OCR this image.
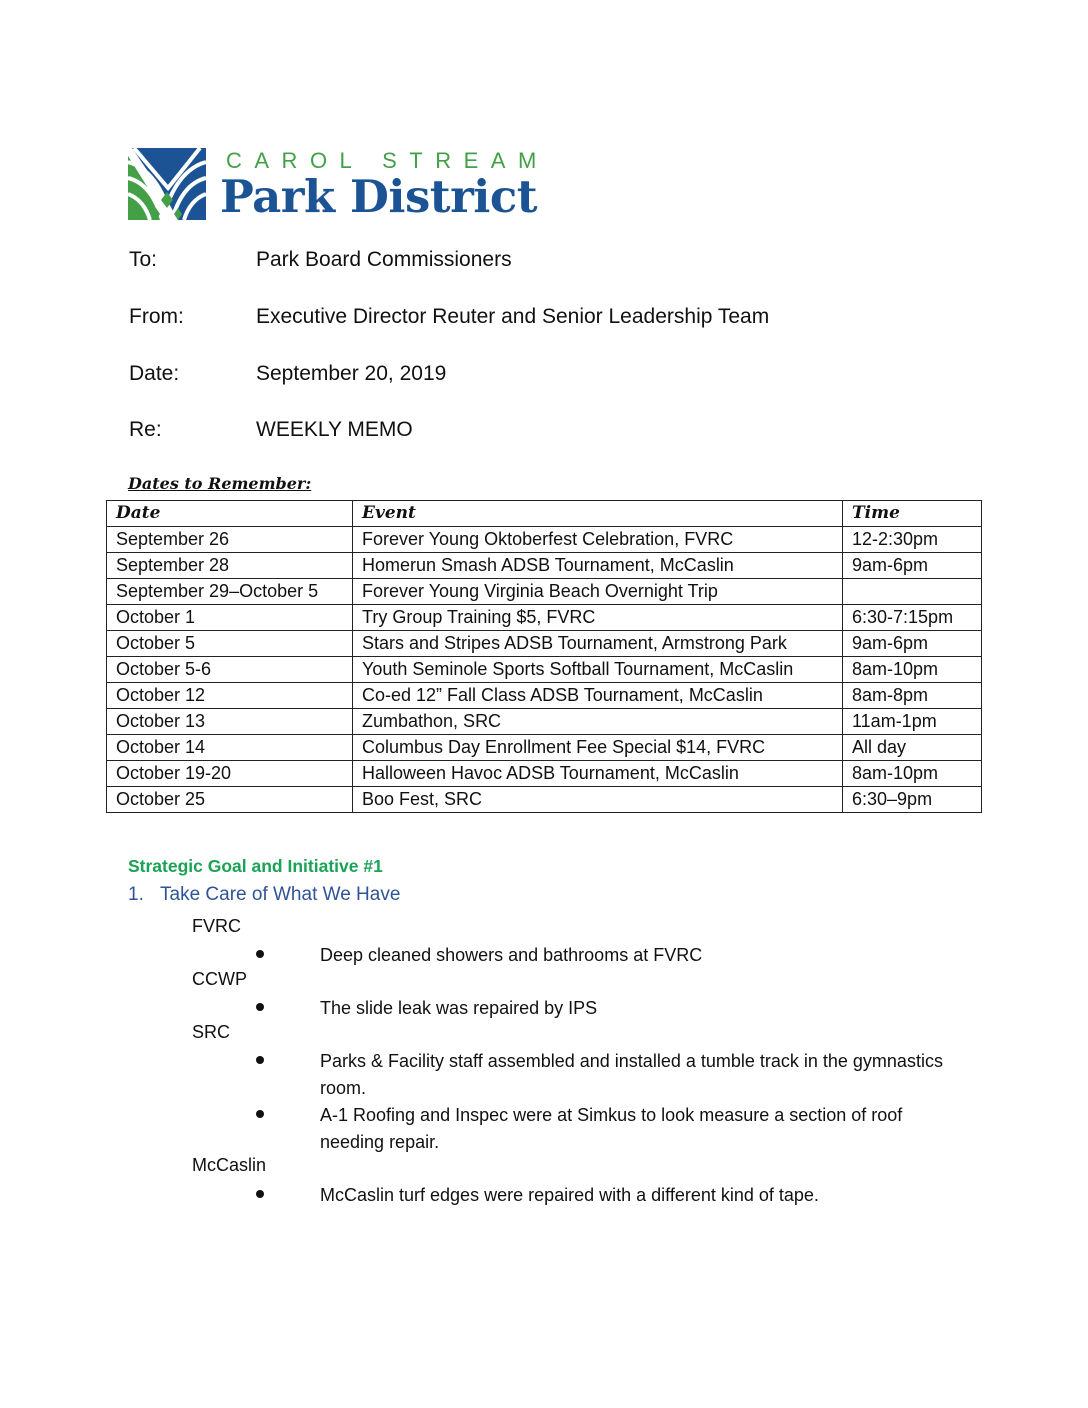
CAROL STREAM
Park District
To:	Park Board Commissioners
From:	Executive Director Reuter and Senior Leadership Team
Date:	September 20, 2019
Re:	WEEKLY MEMO
Dates to Remember:
Date	Event	Time
September 26	Forever Young Oktoberfest Celebration, FVRC	12-2:30pm
September 28	Homerun Smash ADSB Tournament, McCaslin	9am-6pm
September 29–October 5	Forever Young Virginia Beach Overnight Trip	
October 1	Try Group Training $5, FVRC	6:30-7:15pm
October 5	Stars and Stripes ADSB Tournament, Armstrong Park	9am-6pm
October 5-6	Youth Seminole Sports Softball Tournament, McCaslin	8am-10pm
October 12	Co-ed 12” Fall Class ADSB Tournament, McCaslin	8am-8pm
October 13	Zumbathon, SRC	11am-1pm
October 14	Columbus Day Enrollment Fee Special $14, FVRC	All day
October 19-20	Halloween Havoc ADSB Tournament, McCaslin	8am-10pm
October 25	Boo Fest, SRC	6:30–9pm
Strategic Goal and Initiative #1
1. Take Care of What We Have
FVRC
Deep cleaned showers and bathrooms at FVRC
CCWP
The slide leak was repaired by IPS
SRC
Parks & Facility staff assembled and installed a tumble track in the gymnastics room.
A-1 Roofing and Inspec were at Simkus to look measure a section of roof needing repair.
McCaslin
McCaslin turf edges were repaired with a different kind of tape.
